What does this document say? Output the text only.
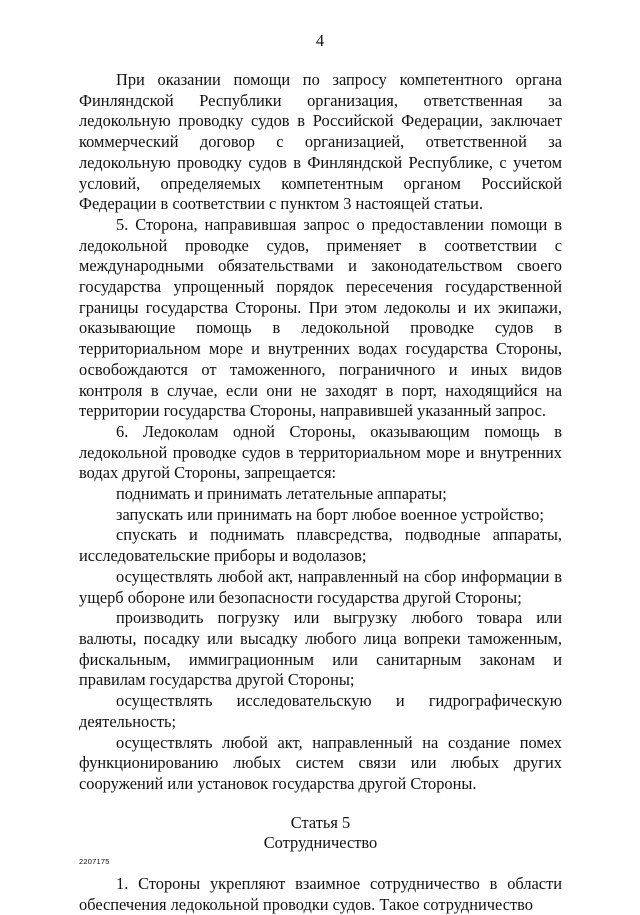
4

При оказании помощи по запросу компетентного органа Финляндской Республики организация, ответственная за ледокольную проводку судов в Российской Федерации, заключает коммерческий договор с организацией, ответственной за ледокольную проводку судов в Финляндской Республике, с учетом условий, определяемых компетентным органом Российской Федерации в соответствии с пунктом 3 настоящей статьи.

5. Сторона, направившая запрос о предоставлении помощи в ледокольной проводке судов, применяет в соответствии с международными обязательствами и законодательством своего государства упрощенный порядок пересечения государственной границы государства Стороны. При этом ледоколы и их экипажи, оказывающие помощь в ледокольной проводке судов в территориальном море и внутренних водах государства Стороны, освобождаются от таможенного, пограничного и иных видов контроля в случае, если они не заходят в порт, находящийся на территории государства Стороны, направившей указанный запрос.

6. Ледоколам одной Стороны, оказывающим помощь в ледокольной проводке судов в территориальном море и внутренних водах другой Стороны, запрещается:

поднимать и принимать летательные аппараты;

запускать или принимать на борт любое военное устройство;

спускать и поднимать плавсредства, подводные аппараты, исследовательские приборы и водолазов;

осуществлять любой акт, направленный на сбор информации в ущерб обороне или безопасности государства другой Стороны;

производить погрузку или выгрузку любого товара или валюты, посадку или высадку любого лица вопреки таможенным, фискальным, иммиграционным или санитарным законам и правилам государства другой Стороны;

осуществлять исследовательскую и гидрографическую деятельность;

осуществлять любой акт, направленный на создание помех функционированию любых систем связи или любых других сооружений или установок государства другой Стороны.

Статья 5

Сотрудничество

1. Стороны укрепляют взаимное сотрудничество в области обеспечения ледокольной проводки судов. Такое сотрудничество

2207175
